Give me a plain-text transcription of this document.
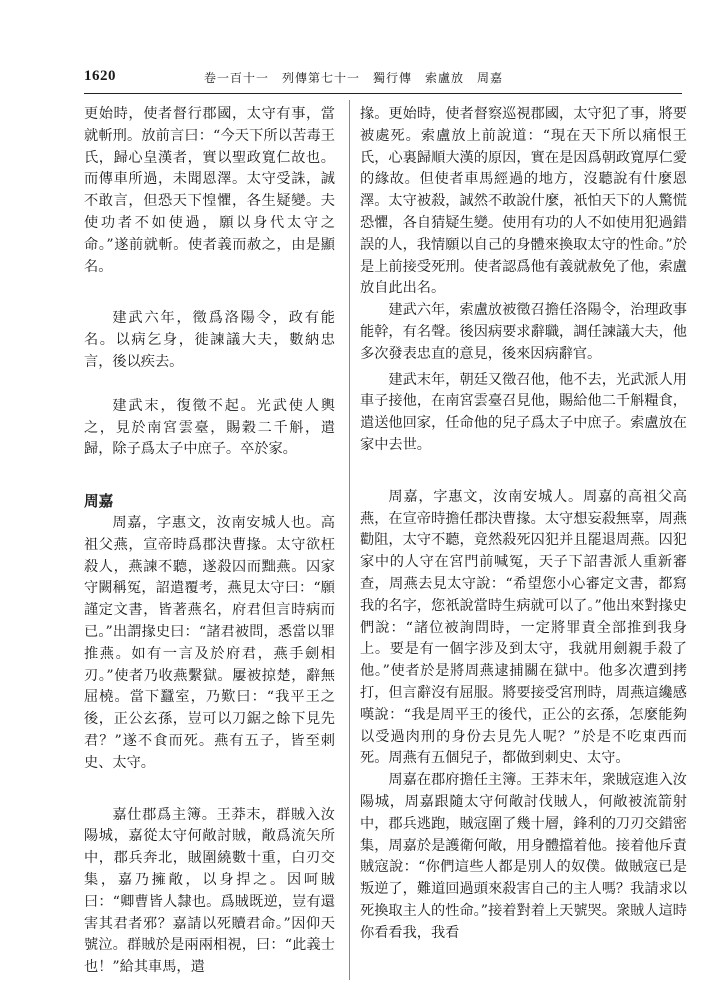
1620	卷一百十一　列傳第七十一　獨行傳　索盧放　周嘉

更始時，使者督行郡國，太守有事，當就斬刑。放前言曰：“今天下所以苦毒王氏，歸心皇漢者，實以聖政寬仁故也。而傳車所過，未聞恩澤。太守受誅，誠不敢言，但恐天下惶懼，各生疑變。夫使功者不如使過，願以身代太守之命。”遂前就斬。使者義而赦之，由是顯名。

建武六年，徵爲洛陽令，政有能名。以病乞身，徙諫議大夫，數納忠言，後以疾去。

建武末，復徵不起。光武使人輿之，見於南宮雲臺，賜穀二千斛，遣歸，除子爲太子中庶子。卒於家。

周嘉

周嘉，字惠文，汝南安城人也。高祖父燕，宣帝時爲郡決曹掾。太守欲枉殺人，燕諫不聽，遂殺囚而黜燕。囚家守闕稱冤，詔遣覆考，燕見太守曰：“願謹定文書，皆著燕名，府君但言時病而已。”出謂掾史曰：“諸君被問，悉當以罪推燕。如有一言及於府君，燕手劍相刃。”使者乃收燕繫獄。屢被掠楚，辭無屈橈。當下蠶室，乃歎曰：“我平王之後，正公玄孫，豈可以刀鋸之餘下見先君？”遂不食而死。燕有五子，皆至刺史、太守。

嘉仕郡爲主簿。王莽末，群賊入汝陽城，嘉從太守何敞討賊，敞爲流矢所中，郡兵奔北，賊圍繞數十重，白刃交集，嘉乃擁敞，以身捍之。因呵賊曰：“卿曹皆人隸也。爲賊既逆，豈有還害其君者邪？嘉請以死贖君命。”因仰天號泣。群賊於是兩兩相視，曰：“此義士也！”給其車馬，遣

掾。更始時，使者督察巡視郡國，太守犯了事，將要被處死。索盧放上前說道：“現在天下所以痛恨王氏，心裏歸順大漢的原因，實在是因爲朝政寬厚仁愛的緣故。但使者車馬經過的地方，沒聽說有什麼恩澤。太守被殺，誠然不敢說什麼，衹怕天下的人驚慌恐懼，各自猜疑生變。使用有功的人不如使用犯過錯誤的人，我情願以自己的身體來換取太守的性命。”於是上前接受死刑。使者認爲他有義就赦免了他，索盧放自此出名。

建武六年，索盧放被徵召擔任洛陽令，治理政事能幹，有名聲。後因病要求辭職，調任諫議大夫，他多次發表忠直的意見，後來因病辭官。

建武末年，朝廷又徵召他，他不去，光武派人用車子接他，在南宮雲臺召見他，賜給他二千斛糧食，遣送他回家，任命他的兒子爲太子中庶子。索盧放在家中去世。

周嘉，字惠文，汝南安城人。周嘉的高祖父高燕，在宣帝時擔任郡決曹掾。太守想妄殺無辜，周燕勸阻，太守不聽，竟然殺死囚犯并且罷退周燕。囚犯家中的人守在宮門前喊冤，天子下詔書派人重新審查，周燕去見太守說：“希望您小心審定文書，都寫我的名字，您衹說當時生病就可以了。”他出來對掾史們說：“諸位被詢問時，一定將罪責全部推到我身上。要是有一個字涉及到太守，我就用劍親手殺了他。”使者於是將周燕逮捕關在獄中。他多次遭到拷打，但言辭沒有屈服。將要接受宮刑時，周燕這纔感嘆說：“我是周平王的後代，正公的玄孫，怎麼能夠以受過肉刑的身份去見先人呢？”於是不吃東西而死。周燕有五個兒子，都做到刺史、太守。

周嘉在郡府擔任主簿。王莽末年，衆賊寇進入汝陽城，周嘉跟隨太守何敞討伐賊人，何敞被流箭射中，郡兵逃跑，賊寇圍了幾十層，鋒利的刀刃交錯密集，周嘉於是護衛何敞，用身體擋着他。接着他斥責賊寇說：“你們這些人都是別人的奴僕。做賊寇已是叛逆了，難道回過頭來殺害自己的主人嗎？我請求以死換取主人的性命。”接着對着上天號哭。衆賊人這時你看看我，我看
